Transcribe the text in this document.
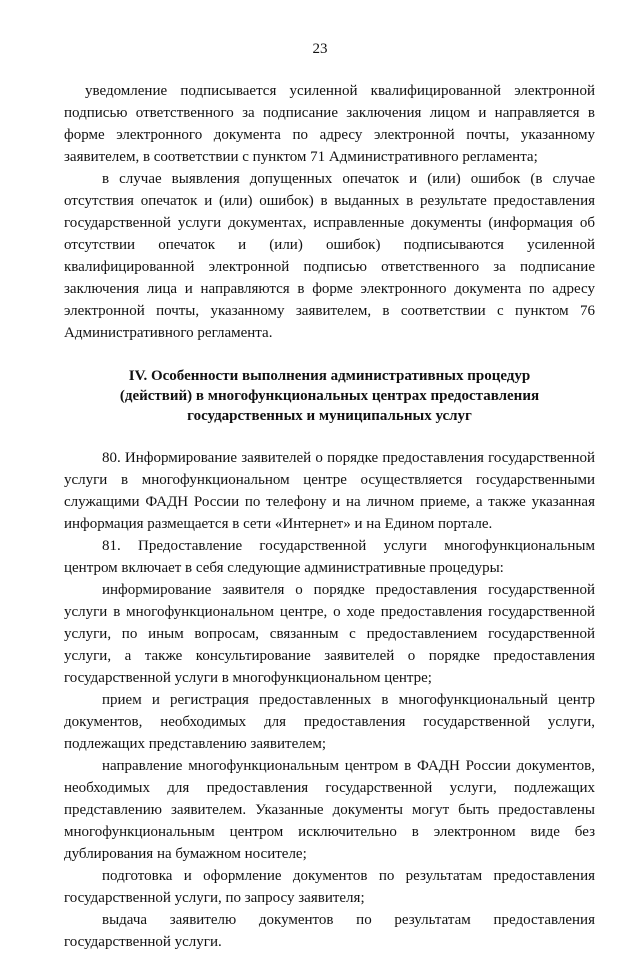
23

уведомление подписывается усиленной квалифицированной электронной подписью ответственного за подписание заключения лицом и направляется в форме электронного документа по адресу электронной почты, указанному заявителем, в соответствии с пунктом 71 Административного регламента;

в случае выявления допущенных опечаток и (или) ошибок (в случае отсутствия опечаток и (или) ошибок) в выданных в результате предоставления государственной услуги документах, исправленные документы (информация об отсутствии опечаток и (или) ошибок) подписываются усиленной квалифицированной электронной подписью ответственного за подписание заключения лица и направляются в форме электронного документа по адресу электронной почты, указанному заявителем, в соответствии с пунктом 76 Административного регламента.

IV. Особенности выполнения административных процедур
(действий) в многофункциональных центрах предоставления
государственных и муниципальных услуг

80. Информирование заявителей о порядке предоставления государственной услуги в многофункциональном центре осуществляется государственными служащими ФАДН России по телефону и на личном приеме, а также указанная информация размещается в сети «Интернет» и на Едином портале.

81. Предоставление государственной услуги многофункциональным центром включает в себя следующие административные процедуры:

информирование заявителя о порядке предоставления государственной услуги в многофункциональном центре, о ходе предоставления государственной услуги, по иным вопросам, связанным с предоставлением государственной услуги, а также консультирование заявителей о порядке предоставления государственной услуги в многофункциональном центре;

прием и регистрация предоставленных в многофункциональный центр документов, необходимых для предоставления государственной услуги, подлежащих представлению заявителем;

направление многофункциональным центром в ФАДН России документов, необходимых для предоставления государственной услуги, подлежащих представлению заявителем. Указанные документы могут быть предоставлены многофункциональным центром исключительно в электронном виде без дублирования на бумажном носителе;

подготовка и оформление документов по результатам предоставления государственной услуги, по запросу заявителя;

выдача заявителю документов по результатам предоставления государственной услуги.
